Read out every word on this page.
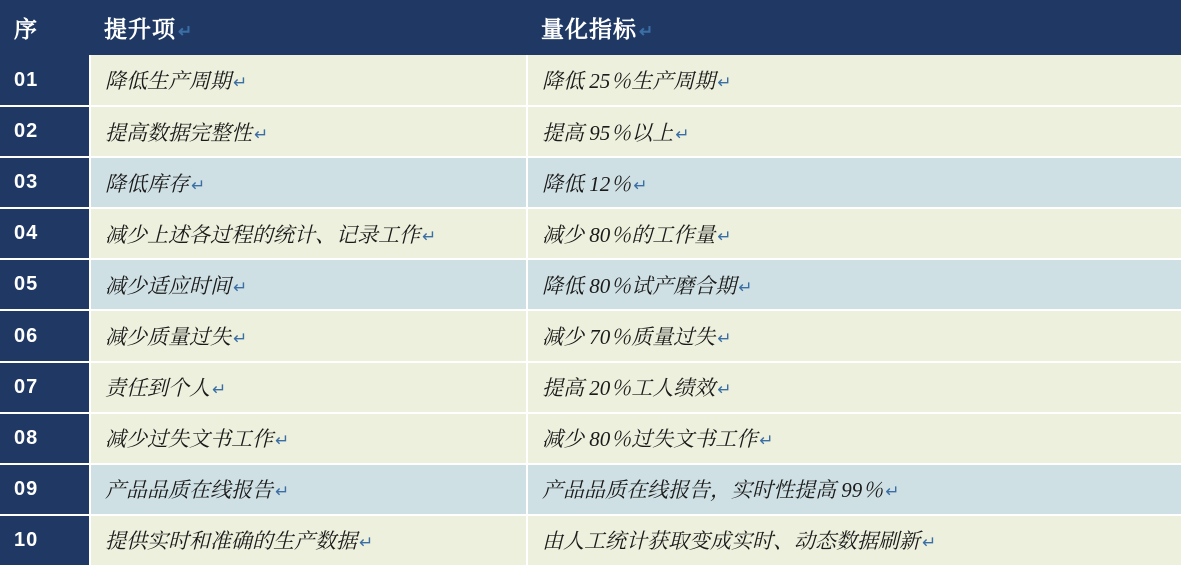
序	提升项 ↵	量化指标 ↵
01	降低生产周期 ↵	降低 25％生产周期 ↵
02	提高数据完整性 ↵	提高 95％以上 ↵
03	降低库存 ↵	降低 12％ ↵
04	减少上述各过程的统计、记录工作 ↵	减少 80％的工作量 ↵
05	减少适应时间 ↵	降低 80％试产磨合期 ↵
06	减少质量过失 ↵	减少 70％质量过失 ↵
07	责任到个人 ↵	提高 20％工人绩效 ↵
08	减少过失文书工作 ↵	减少 80％过失文书工作 ↵
09	产品品质在线报告 ↵	产品品质在线报告，实时性提高 99％ ↵
10	提供实时和准确的生产数据 ↵	由人工统计获取变成实时、动态数据刷新 ↵
